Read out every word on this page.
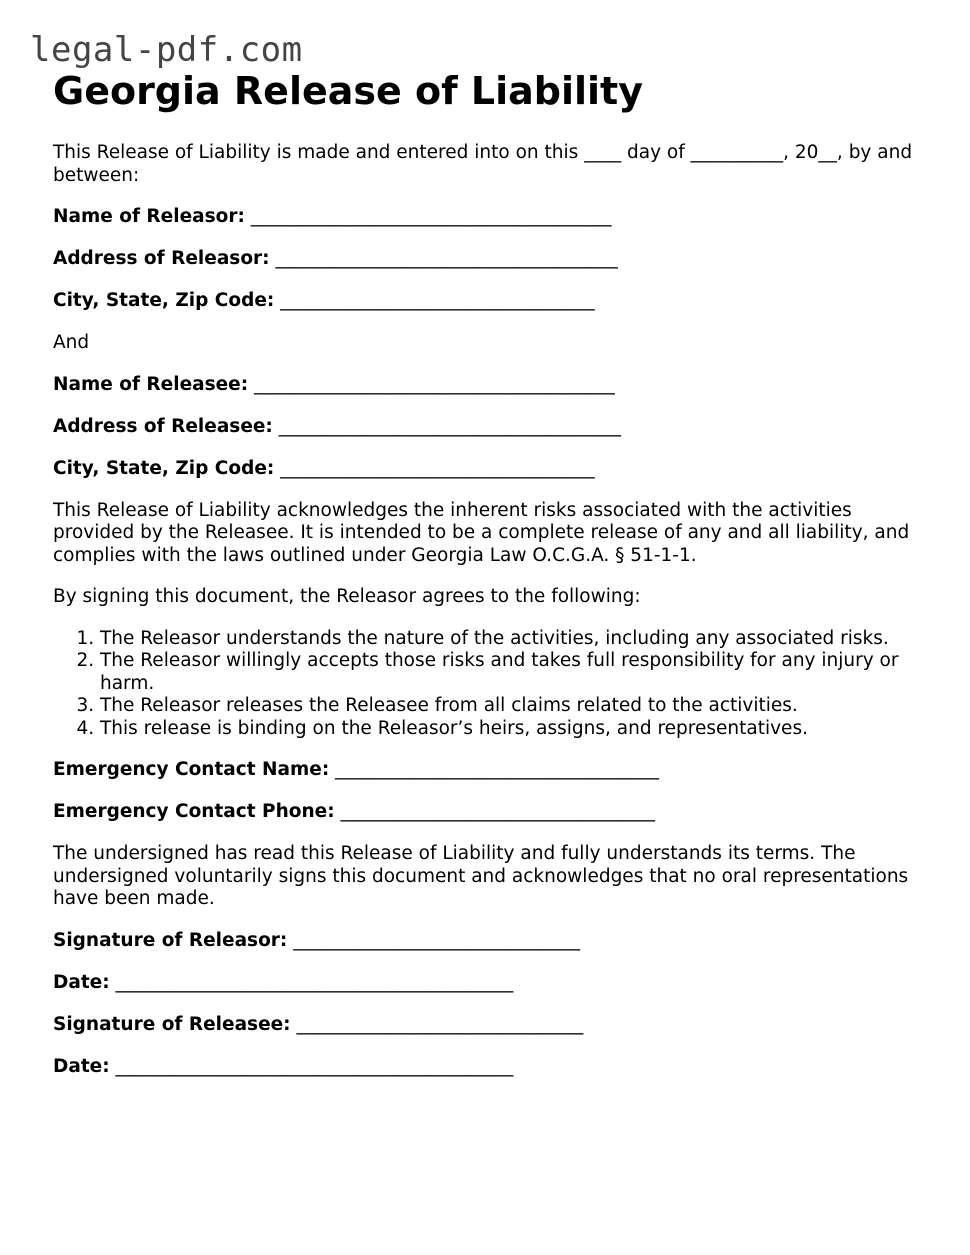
legal-pdf.com
Georgia Release of Liability

This Release of Liability is made and entered into on this ____ day of __________, 20__, by and between:

Name of Releasor: _______________________________________

Address of Releasor: _____________________________________

City, State, Zip Code: __________________________________

And

Name of Releasee: _______________________________________

Address of Releasee: _____________________________________

City, State, Zip Code: __________________________________

This Release of Liability acknowledges the inherent risks associated with the activities provided by the Releasee. It is intended to be a complete release of any and all liability, and complies with the laws outlined under Georgia Law O.C.G.A. § 51-1-1.

By signing this document, the Releasor agrees to the following:

1. The Releasor understands the nature of the activities, including any associated risks.
2. The Releasor willingly accepts those risks and takes full responsibility for any injury or harm.
3. The Releasor releases the Releasee from all claims related to the activities.
4. This release is binding on the Releasor’s heirs, assigns, and representatives.

Emergency Contact Name: ___________________________________

Emergency Contact Phone: __________________________________

The undersigned has read this Release of Liability and fully understands its terms. The undersigned voluntarily signs this document and acknowledges that no oral representations have been made.

Signature of Releasor: _______________________________

Date: ___________________________________________

Signature of Releasee: _______________________________

Date: ___________________________________________
